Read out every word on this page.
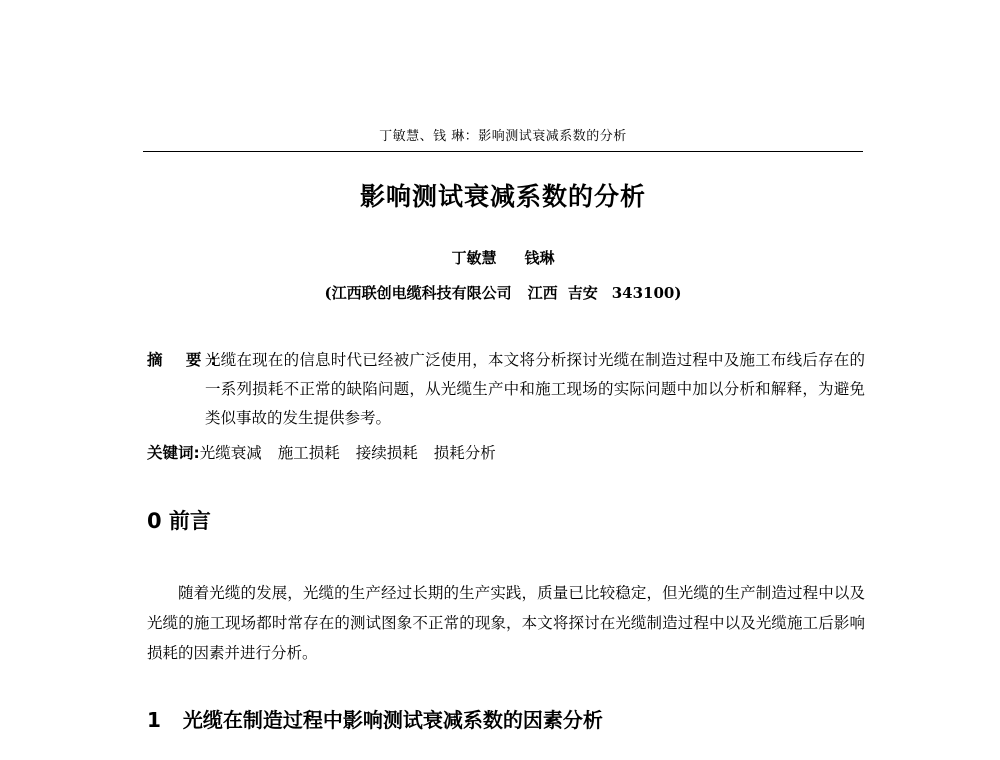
丁敏慧、钱 琳：影响测试衰减系数的分析
影响测试衰减系数的分析
丁敏慧 钱琳
(江西联创电缆科技有限公司 江西 吉安 343100)
摘 要:
光缆在现在的信息时代已经被广泛使用，本文将分析探讨光缆在制造过程中及施工布线后存在的一系列损耗不正常的缺陷问题，从光缆生产中和施工现场的实际问题中加以分析和解释，为避免类似事故的发生提供参考。
关键词:光缆衰减 施工损耗 接续损耗 损耗分析
0 前言

随着光缆的发展，光缆的生产经过长期的生产实践，质量已比较稳定，但光缆的生产制造过程中以及光缆的施工现场都时常存在的测试图象不正常的现象，本文将探讨在光缆制造过程中以及光缆施工后影响损耗的因素并进行分析。

1 光缆在制造过程中影响测试衰减系数的因素分析
